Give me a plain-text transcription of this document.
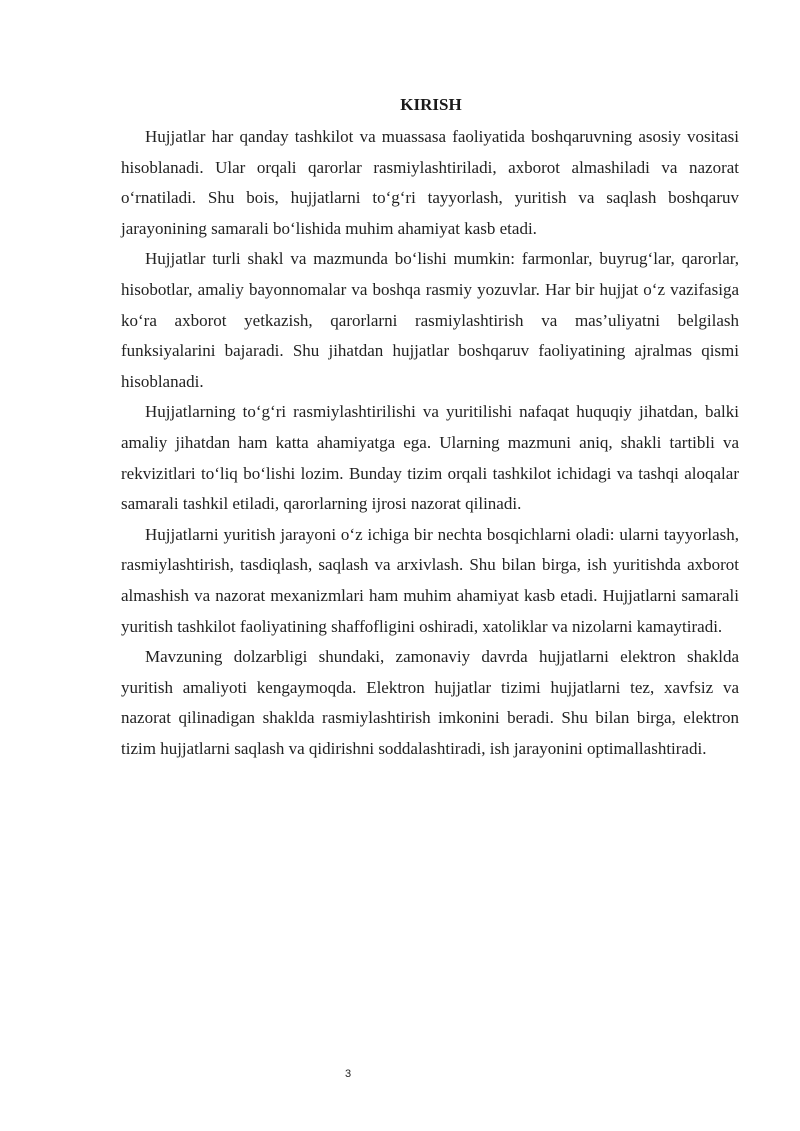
KIRISH

Hujjatlar har qanday tashkilot va muassasa faoliyatida boshqaruvning asosiy vositasi hisoblanadi. Ular orqali qarorlar rasmiylashtiriladi, axborot almashiladi va nazorat o‘rnatiladi. Shu bois, hujjatlarni to‘g‘ri tayyorlash, yuritish va saqlash boshqaruv jarayonining samarali bo‘lishida muhim ahamiyat kasb etadi.

Hujjatlar turli shakl va mazmunda bo‘lishi mumkin: farmonlar, buyrug‘lar, qarorlar, hisobotlar, amaliy bayonnomalar va boshqa rasmiy yozuvlar. Har bir hujjat o‘z vazifasiga ko‘ra axborot yetkazish, qarorlarni rasmiylashtirish va mas’uliyatni belgilash funksiyalarini bajaradi. Shu jihatdan hujjatlar boshqaruv faoliyatining ajralmas qismi hisoblanadi.

Hujjatlarning to‘g‘ri rasmiylashtirilishi va yuritilishi nafaqat huquqiy jihatdan, balki amaliy jihatdan ham katta ahamiyatga ega. Ularning mazmuni aniq, shakli tartibli va rekvizitlari to‘liq bo‘lishi lozim. Bunday tizim orqali tashkilot ichidagi va tashqi aloqalar samarali tashkil etiladi, qarorlarning ijrosi nazorat qilinadi.

Hujjatlarni yuritish jarayoni o‘z ichiga bir nechta bosqichlarni oladi: ularni tayyorlash, rasmiylashtirish, tasdiqlash, saqlash va arxivlash. Shu bilan birga, ish yuritishda axborot almashish va nazorat mexanizmlari ham muhim ahamiyat kasb etadi. Hujjatlarni samarali yuritish tashkilot faoliyatining shaffofligini oshiradi, xatoliklar va nizolarni kamaytiradi.

Mavzuning dolzarbligi shundaki, zamonaviy davrda hujjatlarni elektron shaklda yuritish amaliyoti kengaymoqda. Elektron hujjatlar tizimi hujjatlarni tez, xavfsiz va nazorat qilinadigan shaklda rasmiylashtirish imkonini beradi. Shu bilan birga, elektron tizim hujjatlarni saqlash va qidirishni soddalashtiradi, ish jarayonini optimallashtiradi.

3
